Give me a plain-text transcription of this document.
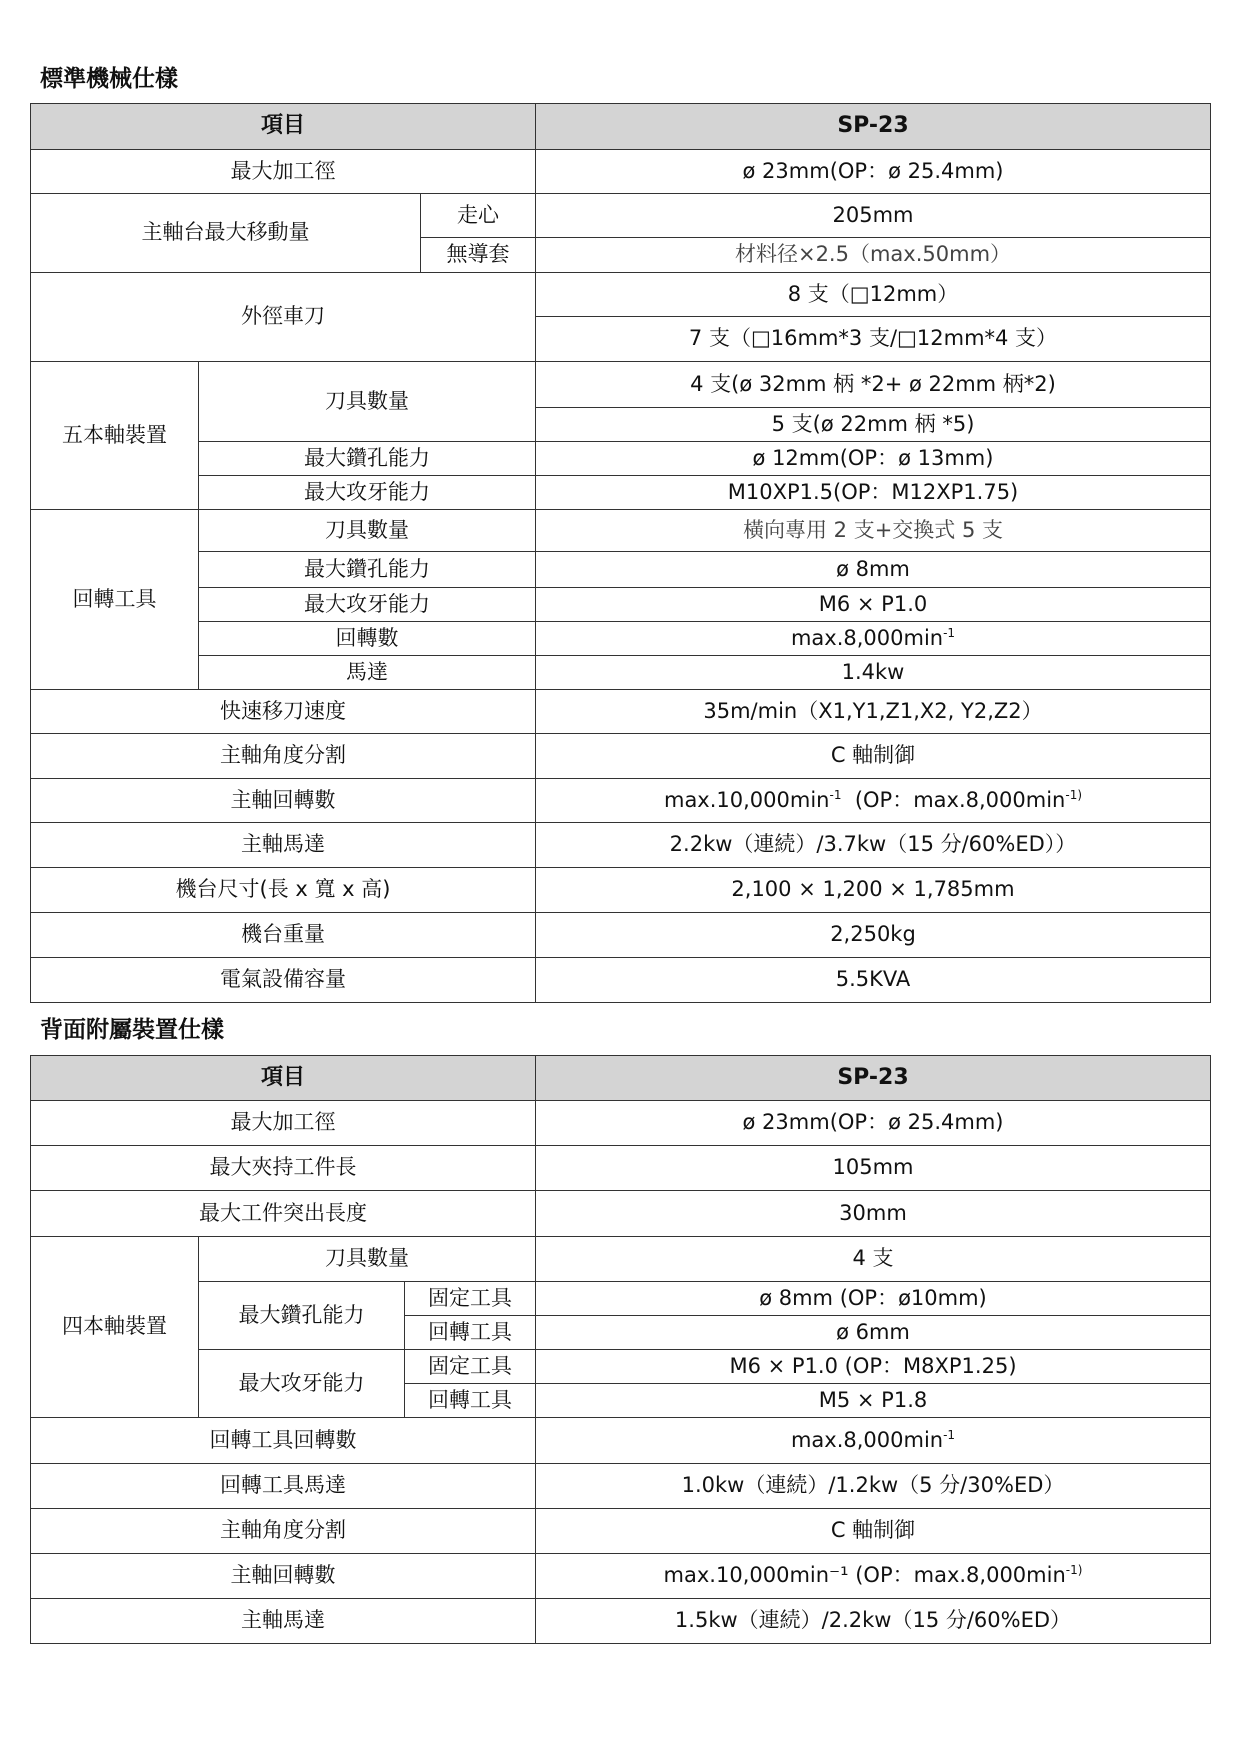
標準機械仕樣
項目			SP-23
最大加工徑			ø 23mm(OP：ø 25.4mm)
主軸台最大移動量		走心	205mm
		無導套	材料径×2.5（max.50mm）
外徑車刀			8 支（□12mm）
			7 支（□16mm*3 支/□12mm*4 支）
五本軸裝置	刀具數量		4 支(ø 32mm 柄 *2+ ø 22mm 柄*2)
			5 支(ø 22mm 柄 *5)
	最大鑽孔能力		ø 12mm(OP：ø 13mm)
	最大攻牙能力		M10XP1.5(OP：M12XP1.75)
回轉工具	刀具數量		橫向專用 2 支+交換式 5 支
	最大鑽孔能力		ø 8mm
	最大攻牙能力		M6 × P1.0
	回轉數		$\max.8,000\min^{-1}$
	馬達		1.4kw
快速移刀速度			35m/min（X1,Y1,Z1,X2, Y2,Z2）
主軸角度分割			C 軸制御
主軸回轉數			$\max.10,000\min^{-1}$  (OP：$\max.8,000\min^{-1)}$
主軸馬達			2.2kw（連続）/3.7kw（15 分/60%ED））
機台尺寸(長 x 寬 x 高)			2,100 × 1,200 × 1,785mm
機台重量			2,250kg
電氣設備容量			5.5KVA
背面附屬裝置仕樣
項目			SP-23
最大加工徑			ø 23mm(OP：ø 25.4mm)
最大夾持工件長			105mm
最大工件突出長度			30mm
四本軸裝置	刀具數量		4 支
	最大鑽孔能力	固定工具	ø 8mm (OP：ø10mm)
		回轉工具	ø 6mm
	最大攻牙能力	固定工具	M6 × P1.0 (OP：M8XP1.25)
		回轉工具	M5 × P1.8
回轉工具回轉數			$\max.8,000\min^{-1}$
回轉工具馬達			1.0kw（連続）/1.2kw（5 分/30%ED）
主軸角度分割			C 軸制御
主軸回轉數			max.10,000min⁻¹ (OP：$\max.8,000\min^{-1)}$
主軸馬達			1.5kw（連続）/2.2kw（15 分/60%ED）
